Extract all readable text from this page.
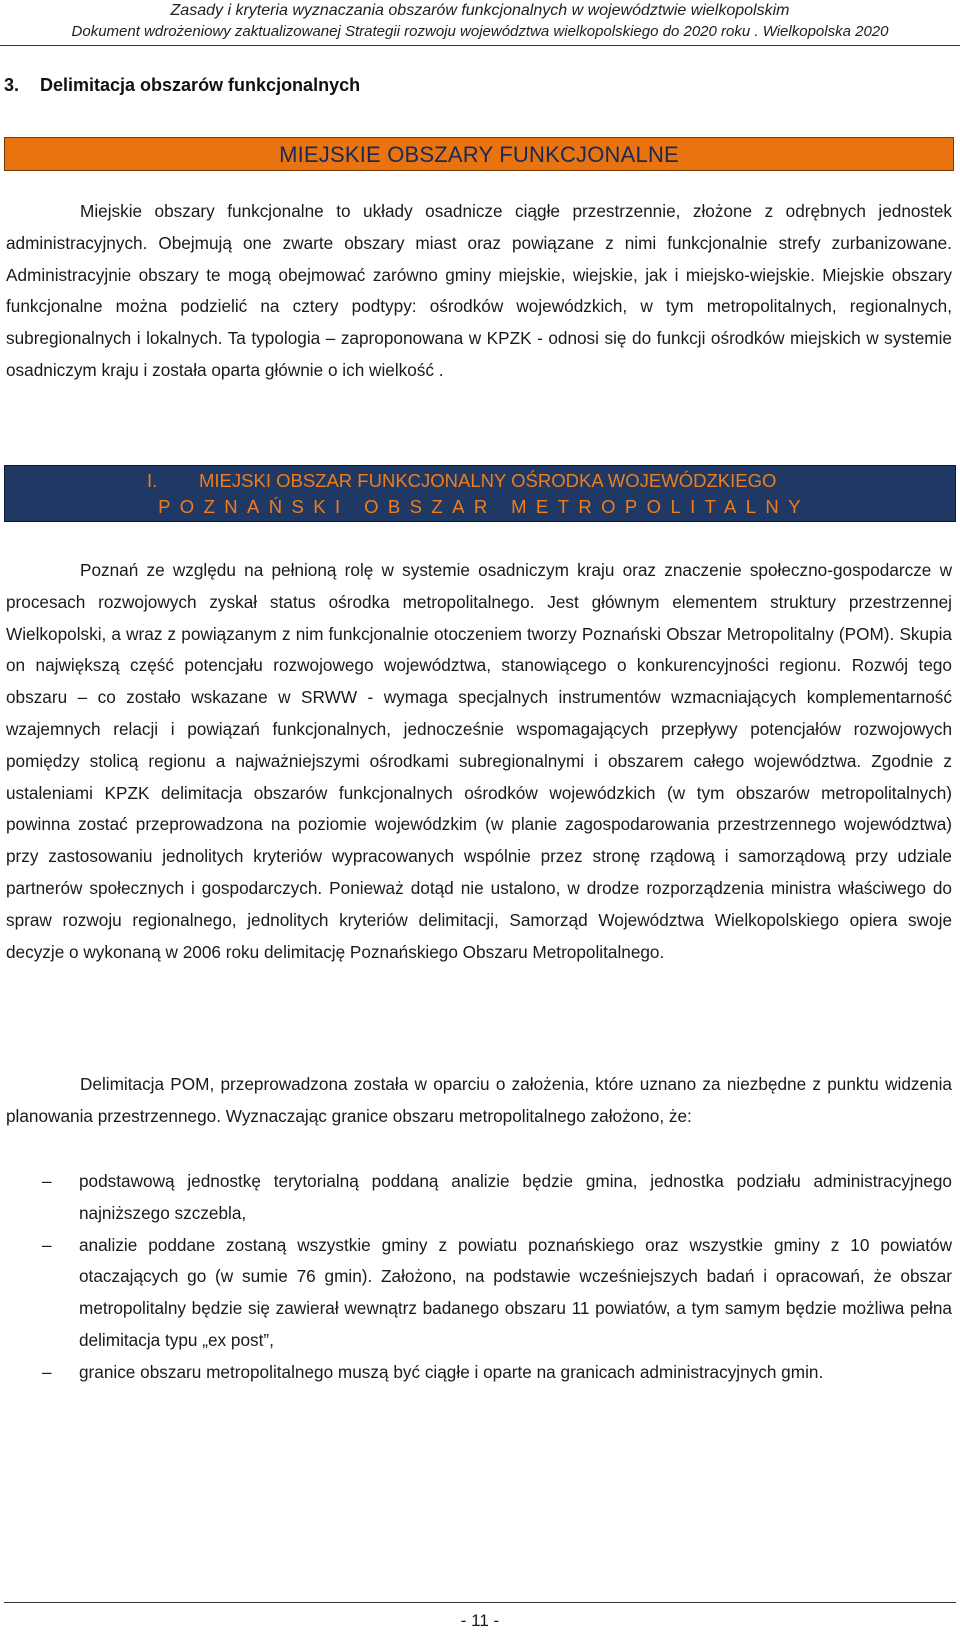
Zasady i kryteria wyznaczania obszarów funkcjonalnych w województwie wielkopolskim
Dokument wdrożeniowy zaktualizowanej Strategii rozwoju województwa wielkopolskiego do 2020 roku . Wielkopolska 2020
3. Delimitacja obszarów funkcjonalnych
MIEJSKIE OBSZARY FUNKCJONALNE

Miejskie obszary funkcjonalne to układy osadnicze ciągłe przestrzennie, złożone z odrębnych jednostek administracyjnych. Obejmują one zwarte obszary miast oraz powiązane z nimi funkcjonalnie strefy zurbanizowane. Administracyjnie obszary te mogą obejmować zarówno gminy miejskie, wiejskie, jak i miejsko-wiejskie. Miejskie obszary funkcjonalne można podzielić na cztery podtypy: ośrodków wojewódzkich, w tym metropolitalnych, regionalnych, subregionalnych i lokalnych. Ta typologia – zaproponowana w KPZK - odnosi się do funkcji ośrodków miejskich w systemie osadniczym kraju i została oparta głównie o ich wielkość .

I. MIEJSKI OBSZAR FUNKCJONALNY OŚRODKA WOJEWÓDZKIEGO
POZNAŃSKI OBSZAR METROPOLITALNY

Poznań ze względu na pełnioną rolę w systemie osadniczym kraju oraz znaczenie społeczno-gospodarcze w procesach rozwojowych zyskał status ośrodka metropolitalnego. Jest głównym elementem struktury przestrzennej Wielkopolski, a wraz z powiązanym z nim funkcjonalnie otoczeniem tworzy Poznański Obszar Metropolitalny (POM). Skupia on największą część potencjału rozwojowego województwa, stanowiącego o konkurencyjności regionu. Rozwój tego obszaru – co zostało wskazane w SRWW - wymaga specjalnych instrumentów wzmacniających komplementarność wzajemnych relacji i powiązań funkcjonalnych, jednocześnie wspomagających przepływy potencjałów rozwojowych pomiędzy stolicą regionu a najważniejszymi ośrodkami subregionalnymi i obszarem całego województwa. Zgodnie z ustaleniami KPZK delimitacja obszarów funkcjonalnych ośrodków wojewódzkich (w tym obszarów metropolitalnych) powinna zostać przeprowadzona na poziomie wojewódzkim (w planie zagospodarowania przestrzennego województwa) przy zastosowaniu jednolitych kryteriów wypracowanych wspólnie przez stronę rządową i samorządową przy udziale partnerów społecznych i gospodarczych. Ponieważ dotąd nie ustalono, w drodze rozporządzenia ministra właściwego do spraw rozwoju regionalnego, jednolitych kryteriów delimitacji, Samorząd Województwa Wielkopolskiego opiera swoje decyzje o wykonaną w 2006 roku delimitację Poznańskiego Obszaru Metropolitalnego.

Delimitacja POM, przeprowadzona została w oparciu o założenia, które uznano za niezbędne z punktu widzenia planowania przestrzennego. Wyznaczając granice obszaru metropolitalnego założono, że:

– podstawową jednostkę terytorialną poddaną analizie będzie gmina, jednostka podziału administracyjnego najniższego szczebla,
– analizie poddane zostaną wszystkie gminy z powiatu poznańskiego oraz wszystkie gminy z 10 powiatów otaczających go (w sumie 76 gmin). Założono, na podstawie wcześniejszych badań i opracowań, że obszar metropolitalny będzie się zawierał wewnątrz badanego obszaru 11 powiatów, a tym samym będzie możliwa pełna delimitacja typu „ex post”,
– granice obszaru metropolitalnego muszą być ciągłe i oparte na granicach administracyjnych gmin.
- 11 -
